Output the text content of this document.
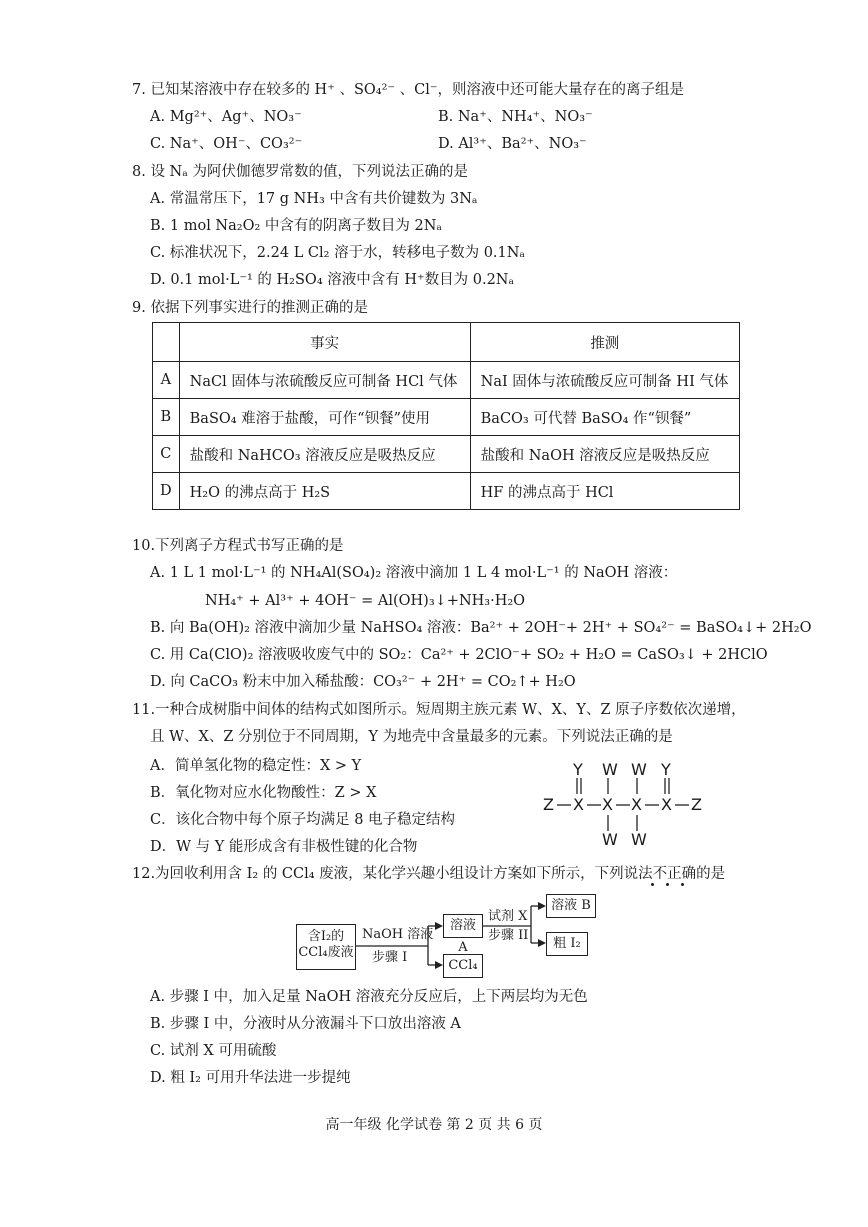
7. 已知某溶液中存在较多的 H⁺ 、SO₄²⁻ 、Cl⁻，则溶液中还可能大量存在的离子组是
A. Mg²⁺、Ag⁺、NO₃⁻	B. Na⁺、NH₄⁺、NO₃⁻
C. Na⁺、OH⁻、CO₃²⁻	D. Al³⁺、Ba²⁺、NO₃⁻
8. 设 Nₐ 为阿伏伽德罗常数的值，下列说法正确的是
A. 常温常压下，17 g NH₃ 中含有共价键数为 3Nₐ
B. 1 mol Na₂O₂ 中含有的阴离子数目为 2Nₐ
C. 标准状况下，2.24 L Cl₂ 溶于水，转移电子数为 0.1Nₐ
D. 0.1 mol·L⁻¹ 的 H₂SO₄ 溶液中含有 H⁺数目为 0.2Nₐ
9. 依据下列事实进行的推测正确的是
	事实	推测
A	NaCl 固体与浓硫酸反应可制备 HCl 气体	NaI 固体与浓硫酸反应可制备 HI 气体
B	BaSO₄ 难溶于盐酸，可作“钡餐”使用	BaCO₃ 可代替 BaSO₄ 作“钡餐”
C	盐酸和 NaHCO₃ 溶液反应是吸热反应	盐酸和 NaOH 溶液反应是吸热反应
D	H₂O 的沸点高于 H₂S	HF 的沸点高于 HCl
10.下列离子方程式书写正确的是
A. 1 L 1 mol·L⁻¹ 的 NH₄Al(SO₄)₂ 溶液中滴加 1 L 4 mol·L⁻¹ 的 NaOH 溶液：
NH₄⁺ + Al³⁺ + 4OH⁻ = Al(OH)₃↓+NH₃·H₂O
B. 向 Ba(OH)₂ 溶液中滴加少量 NaHSO₄ 溶液：Ba²⁺ + 2OH⁻+ 2H⁺ + SO₄²⁻ = BaSO₄↓+ 2H₂O
C. 用 Ca(ClO)₂ 溶液吸收废气中的 SO₂：Ca²⁺ + 2ClO⁻+ SO₂ + H₂O = CaSO₃↓ + 2HClO
D. 向 CaCO₃ 粉末中加入稀盐酸：CO₃²⁻ + 2H⁺ = CO₂↑+ H₂O
11.一种合成树脂中间体的结构式如图所示。短周期主族元素 W、X、Y、Z 原子序数依次递增，
且 W、X、Z 分别位于不同周期，Y 为地壳中含量最多的元素。下列说法正确的是
A．简单氢化物的稳定性：X > Y
B．氧化物对应水化物酸性：Z > X
C．该化合物中每个原子均满足 8 电子稳定结构
D．W 与 Y 能形成含有非极性键的化合物
Y W W Y
Z X X X X Z
W W
12.为回收利用含 I₂ 的 CCl₄ 废液，某化学兴趣小组设计方案如下所示，下列说法不正确的是
含I₂的
CCl₄废液
NaOH 溶液
步骤 I
溶液 A
CCl₄
试剂 X
步骤 II
溶液 B
粗 I₂
A. 步骤 I 中，加入足量 NaOH 溶液充分反应后，上下两层均为无色
B. 步骤 I 中，分液时从分液漏斗下口放出溶液 A
C. 试剂 X 可用硫酸
D. 粗 I₂ 可用升华法进一步提纯
高一年级 化学试卷 第 2 页 共 6 页
